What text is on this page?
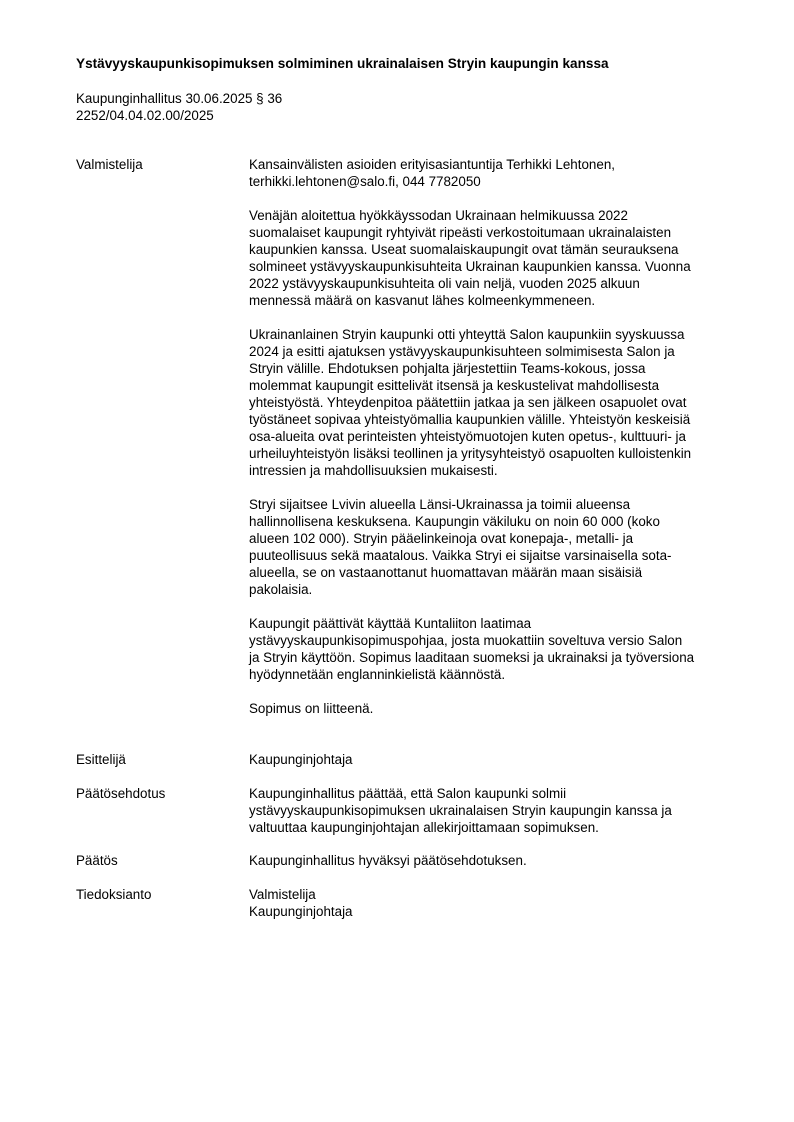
Ystävyyskaupunkisopimuksen solmiminen ukrainalaisen Stryin kaupungin kanssa
Kaupunginhallitus 30.06.2025 § 36
2252/04.04.02.00/2025
Valmistelija	Kansainvälisten asioiden erityisasiantuntija Terhikki Lehtonen,
terhikki.lehtonen@salo.fi, 044 7782050

Venäjän aloitettua hyökkäyssodan Ukrainaan helmikuussa 2022
suomalaiset kaupungit ryhtyivät ripeästi verkostoitumaan ukrainalaisten
kaupunkien kanssa. Useat suomalaiskaupungit ovat tämän seurauksena
solmineet ystävyyskaupunkisuhteita Ukrainan kaupunkien kanssa. Vuonna
2022 ystävyyskaupunkisuhteita oli vain neljä, vuoden 2025 alkuun
mennessä määrä on kasvanut lähes kolmeenkymmeneen.

Ukrainanlainen Stryin kaupunki otti yhteyttä Salon kaupunkiin syyskuussa
2024 ja esitti ajatuksen ystävyyskaupunkisuhteen solmimisesta Salon ja
Stryin välille. Ehdotuksen pohjalta järjestettiin Teams-kokous, jossa
molemmat kaupungit esittelivät itsensä ja keskustelivat mahdollisesta
yhteistyöstä. Yhteydenpitoa päätettiin jatkaa ja sen jälkeen osapuolet ovat
työstäneet sopivaa yhteistyömallia kaupunkien välille. Yhteistyön keskeisiä
osa-alueita ovat perinteisten yhteistyömuotojen kuten opetus-, kulttuuri- ja
urheiluyhteistyön lisäksi teollinen ja yritysyhteistyö osapuolten kulloistenkin
intressien ja mahdollisuuksien mukaisesti.

Stryi sijaitsee Lvivin alueella Länsi-Ukrainassa ja toimii alueensa
hallinnollisena keskuksena. Kaupungin väkiluku on noin 60 000 (koko
alueen 102 000). Stryin pääelinkeinoja ovat konepaja-, metalli- ja
puuteollisuus sekä maatalous. Vaikka Stryi ei sijaitse varsinaisella sota-
alueella, se on vastaanottanut huomattavan määrän maan sisäisiä
pakolaisia.

Kaupungit päättivät käyttää Kuntaliiton laatimaa
ystävyyskaupunkisopimuspohjaa, josta muokattiin soveltuva versio Salon
ja Stryin käyttöön. Sopimus laaditaan suomeksi ja ukrainaksi ja työversiona
hyödynnetään englanninkielistä käännöstä.

Sopimus on liitteenä.

Esittelijä	Kaupunginjohtaja
Päätösehdotus	Kaupunginhallitus päättää, että Salon kaupunki solmii
ystävyyskaupunkisopimuksen ukrainalaisen Stryin kaupungin kanssa ja
valtuuttaa kaupunginjohtajan allekirjoittamaan sopimuksen.
Päätös	Kaupunginhallitus hyväksyi päätösehdotuksen.
Tiedoksianto	Valmistelija
Kaupunginjohtaja
